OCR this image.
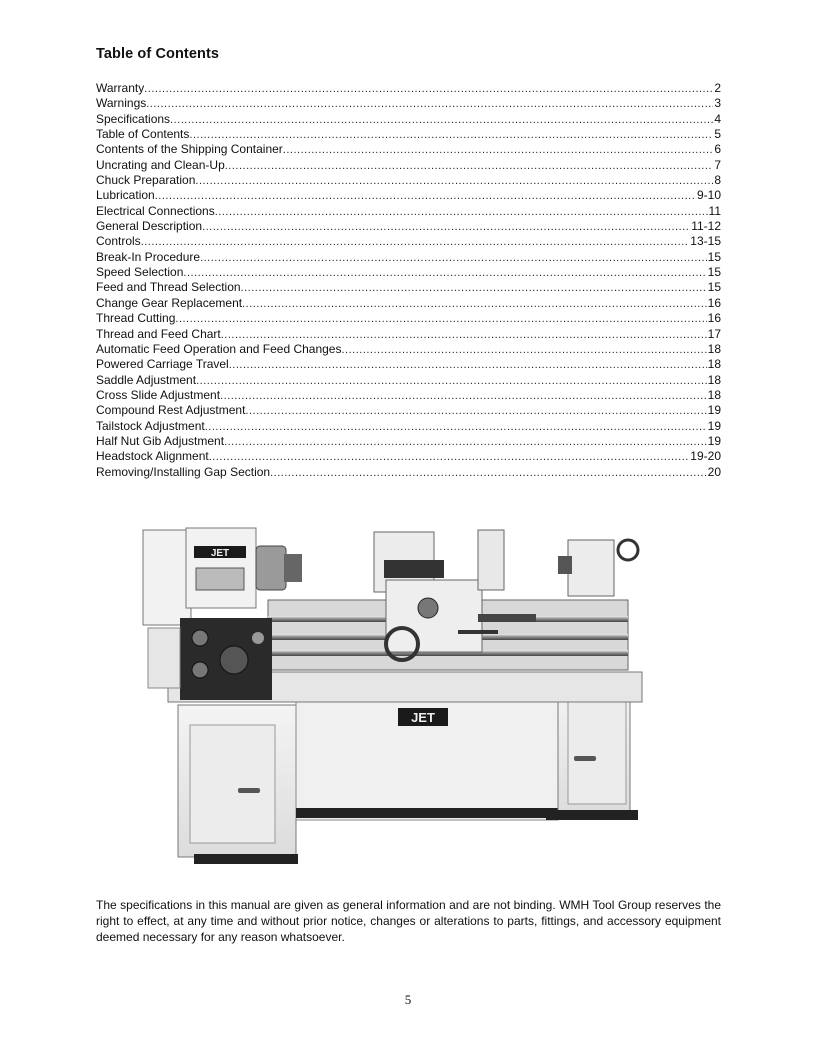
Table of Contents
Warranty .....	2
Warnings .....	3
Specifications .....	4
Table of Contents .....	5
Contents of the Shipping Container .....	6
Uncrating and Clean-Up .....	7
Chuck Preparation .....	8
Lubrication .....	9-10
Electrical Connections .....	11
General Description .....	11-12
Controls .....	13-15
Break-In Procedure .....	15
Speed Selection .....	15
Feed and Thread Selection .....	15
Change Gear Replacement .....	16
Thread Cutting .....	16
Thread and Feed Chart .....	17
Automatic Feed Operation and Feed Changes .....	18
Powered Carriage Travel .....	18
Saddle Adjustment .....	18
Cross Slide Adjustment .....	18
Compound Rest Adjustment .....	19
Tailstock Adjustment .....	19
Half Nut Gib Adjustment .....	19
Headstock Alignment .....	19-20
Removing/Installing Gap Section .....	20
JET
JET
The specifications in this manual are given as general information and are not binding. WMH Tool Group reserves the right to effect, at any time and without prior notice, changes or alterations to parts, fittings, and accessory equipment deemed necessary for any reason whatsoever.
5
